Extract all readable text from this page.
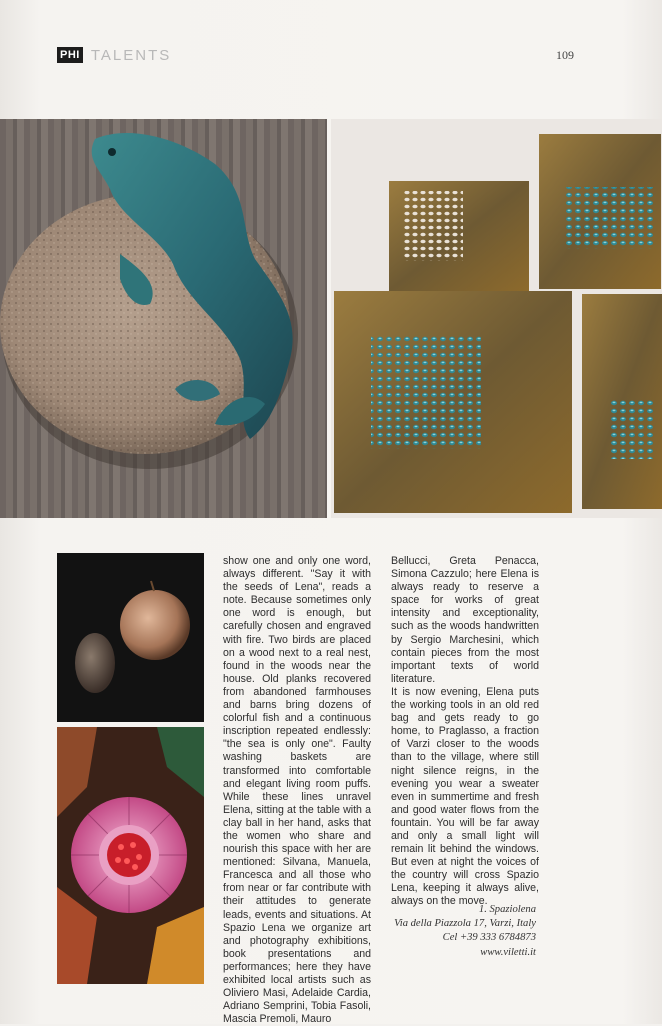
PHI TALENTS	109

show one and only one word, always different. "Say it with the seeds of Lena", reads a note. Because sometimes only one word is enough, but carefully chosen and engraved with fire. Two birds are placed on a wood next to a real nest, found in the woods near the house. Old planks recovered from abandoned farmhouses and barns bring dozens of colorful fish and a continuous inscription repeated endlessly: "the sea is only one". Faulty washing baskets are transformed into comfortable and elegant living room puffs. While these lines unravel Elena, sitting at the table with a clay ball in her hand, asks that the women who share and nourish this space with her are mentioned: Silvana, Manuela, Francesca and all those who from near or far contribute with their attitudes to generate leads, events and situations. At Spazio Lena we organize art and photography exhibitions, book presentations and performances; here they have exhibited local artists such as Oliviero Masi, Adelaide Cardia, Adriano Semprini, Tobia Fasoli, Mascia Premoli, Mauro

Bellucci, Greta Penacca, Simona Cazzulo; here Elena is always ready to reserve a space for works of great intensity and exceptionality, such as the woods handwritten by Sergio Marchesini, which contain pieces from the most important texts of world literature.

It is now evening, Elena puts the working tools in an old red bag and gets ready to go home, to Praglasso, a fraction of Varzi closer to the woods than to the village, where still night silence reigns, in the evening you wear a sweater even in summertime and fresh and good water flows from the fountain. You will be far away and only a small light will remain lit behind the windows. But even at night the voices of the country will cross Spazio Lena, keeping it always alive, always on the move.

1. Spaziolena
Via della Piazzola 17, Varzi, Italy
Cel +39 333 6784873
www.viletti.it
